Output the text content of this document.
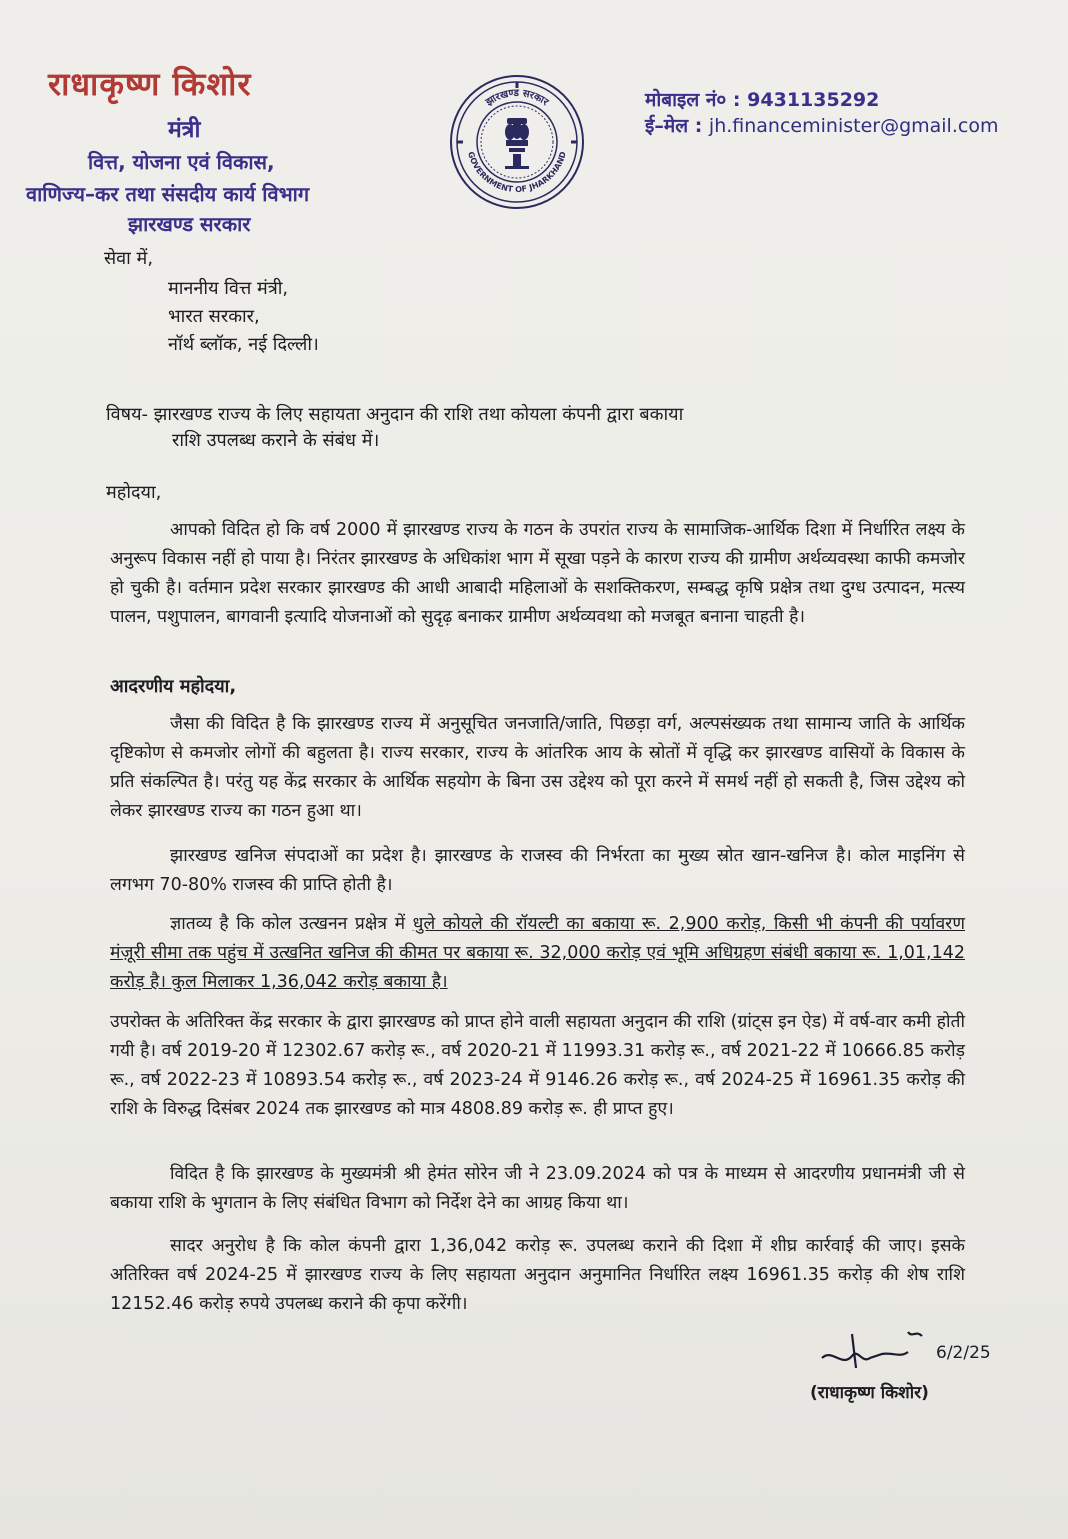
राधाकृष्ण किशोर
मंत्री
वित्त, योजना एवं विकास,
वाणिज्य–कर तथा संसदीय कार्य विभाग
झारखण्ड सरकार
झारखण्ड सरकार
GOVERNMENT OF JHARKHAND
मोबाइल नं० : 9431135292
ई–मेल : jh.financeminister@gmail.com
सेवा में,
माननीय वित्त मंत्री,
भारत सरकार,
नॉर्थ ब्लॉक, नई दिल्ली।
विषय- झारखण्ड राज्य के लिए सहायता अनुदान की राशि तथा कोयला कंपनी द्वारा बकाया
राशि उपलब्ध कराने के संबंध में।
महोदया,
आपको विदित हो कि वर्ष 2000 में झारखण्ड राज्य के गठन के उपरांत राज्य के सामाजिक-आर्थिक दिशा में निर्धारित लक्ष्य के अनुरूप विकास नहीं हो पाया है। निरंतर झारखण्ड के अधिकांश भाग में सूखा पड़ने के कारण राज्य की ग्रामीण अर्थव्यवस्था काफी कमजोर हो चुकी है। वर्तमान प्रदेश सरकार झारखण्ड की आधी आबादी महिलाओं के सशक्तिकरण, सम्बद्ध कृषि प्रक्षेत्र तथा दुग्ध उत्पादन, मत्स्य पालन, पशुपालन, बागवानी इत्यादि योजनाओं को सुदृढ़ बनाकर ग्रामीण अर्थव्यवथा को मजबूत बनाना चाहती है।
आदरणीय महोदया,
जैसा की विदित है कि झारखण्ड राज्य में अनुसूचित जनजाति/जाति, पिछड़ा वर्ग, अल्पसंख्यक तथा सामान्य जाति के आर्थिक दृष्टिकोण से कमजोर लोगों की बहुलता है। राज्य सरकार, राज्य के आंतरिक आय के स्रोतों में वृद्धि कर झारखण्ड वासियों के विकास के प्रति संकल्पित है। परंतु यह केंद्र सरकार के आर्थिक सहयोग के बिना उस उद्देश्य को पूरा करने में समर्थ नहीं हो सकती है, जिस उद्देश्य को लेकर झारखण्ड राज्य का गठन हुआ था।
झारखण्ड खनिज संपदाओं का प्रदेश है। झारखण्ड के राजस्व की निर्भरता का मुख्य स्रोत खान-खनिज है। कोल माइनिंग से लगभग 70-80% राजस्व की प्राप्ति होती है।
ज्ञातव्य है कि कोल उत्खनन प्रक्षेत्र में धुले कोयले की रॉयल्टी का बकाया रू. 2,900 करोड़, किसी भी कंपनी की पर्यावरण मंज़ूरी सीमा तक पहुंच में उत्खनित खनिज की कीमत पर बकाया रू. 32,000 करोड़ एवं भूमि अधिग्रहण संबंधी बकाया रू. 1,01,142 करोड़ है। कुल मिलाकर 1,36,042 करोड़ बकाया है।
उपरोक्त के अतिरिक्त केंद्र सरकार के द्वारा झारखण्ड को प्राप्त होने वाली सहायता अनुदान की राशि (ग्रांट्स इन ऐड) में वर्ष-वार कमी होती गयी है। वर्ष 2019-20 में 12302.67 करोड़ रू., वर्ष 2020-21 में 11993.31 करोड़ रू., वर्ष 2021-22 में 10666.85 करोड़ रू., वर्ष 2022-23 में 10893.54 करोड़ रू., वर्ष 2023-24 में 9146.26 करोड़ रू., वर्ष 2024-25 में 16961.35 करोड़ की राशि के विरुद्ध दिसंबर 2024 तक झारखण्ड को मात्र 4808.89 करोड़ रू. ही प्राप्त हुए।
विदित है कि झारखण्ड के मुख्यमंत्री श्री हेमंत सोरेन जी ने 23.09.2024 को पत्र के माध्यम से आदरणीय प्रधानमंत्री जी से बकाया राशि के भुगतान के लिए संबंधित विभाग को निर्देश देने का आग्रह किया था।
सादर अनुरोध है कि कोल कंपनी द्वारा 1,36,042 करोड़ रू. उपलब्ध कराने की दिशा में शीघ्र कार्रवाई की जाए। इसके अतिरिक्त वर्ष 2024-25 में झारखण्ड राज्य के लिए सहायता अनुदान अनुमानित निर्धारित लक्ष्य 16961.35 करोड़ की शेष राशि 12152.46 करोड़ रुपये उपलब्ध कराने की कृपा करेंगी।
6/2/25
(राधाकृष्ण किशोर)
